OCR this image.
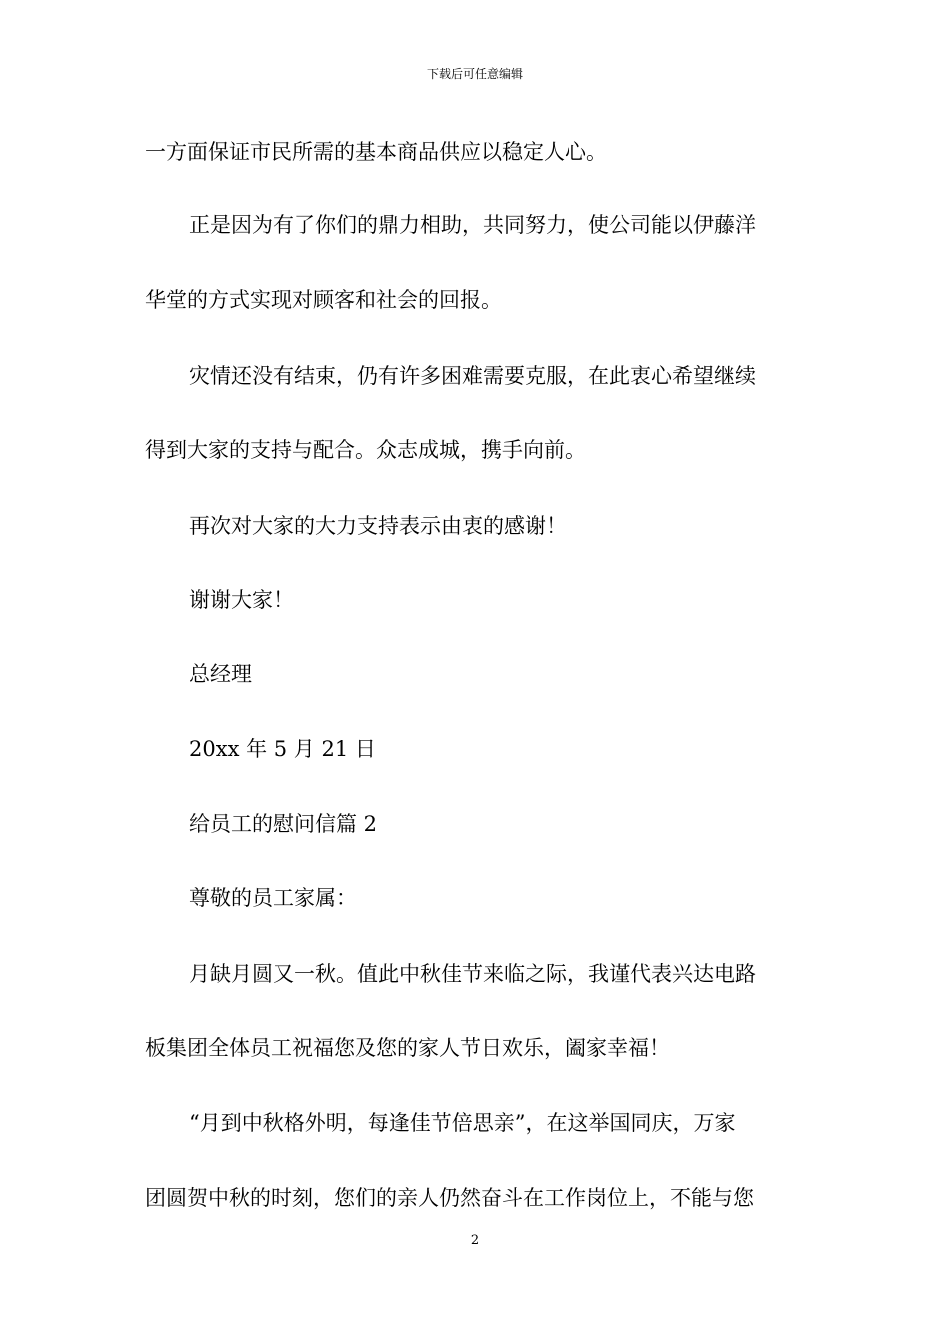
下载后可任意编辑
一方面保证市民所需的基本商品供应以稳定人心。
正是因为有了你们的鼎力相助，共同努力，使公司能以伊藤洋
华堂的方式实现对顾客和社会的回报。
灾情还没有结束，仍有许多困难需要克服，在此衷心希望继续
得到大家的支持与配合。众志成城，携手向前。
再次对大家的大力支持表示由衷的感谢！
谢谢大家！
总经理
20xx 年 5 月 21 日
给员工的慰问信篇 2
尊敬的员工家属：
月缺月圆又一秋。值此中秋佳节来临之际，我谨代表兴达电路
板集团全体员工祝福您及您的家人节日欢乐，阖家幸福！
“月到中秋格外明，每逢佳节倍思亲”，在这举国同庆，万家
团圆贺中秋的时刻，您们的亲人仍然奋斗在工作岗位上，不能与您
2
